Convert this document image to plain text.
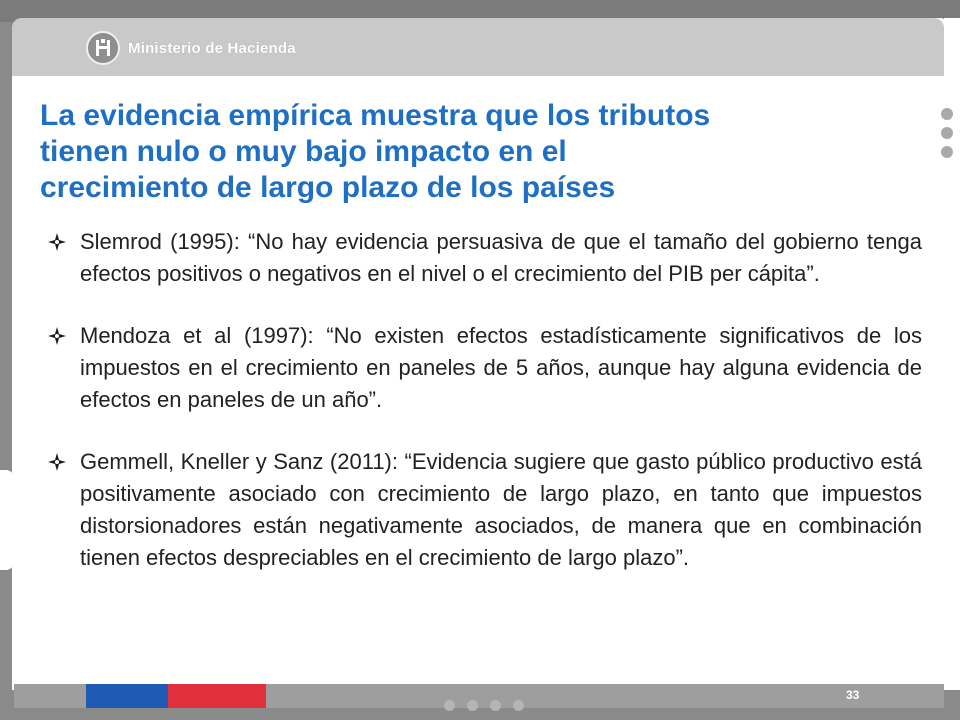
Ministerio de Hacienda
La evidencia empírica muestra que los tributos
tienen nulo o muy bajo impacto en el
crecimiento de largo plazo de los países

Slemrod (1995): “No hay evidencia persuasiva de que el tamaño del gobierno tenga efectos positivos o negativos en el nivel o el crecimiento del PIB per cápita”.

Mendoza et al (1997): “No existen efectos estadísticamente significativos de los impuestos en el crecimiento en paneles de 5 años, aunque hay alguna evidencia de efectos en paneles de un año”.

Gemmell, Kneller y Sanz (2011): “Evidencia sugiere que gasto público productivo está positivamente asociado con crecimiento de largo plazo, en tanto que impuestos distorsionadores están negativamente asociados, de manera que en combinación tienen efectos despreciables en el crecimiento de largo plazo”.

33
